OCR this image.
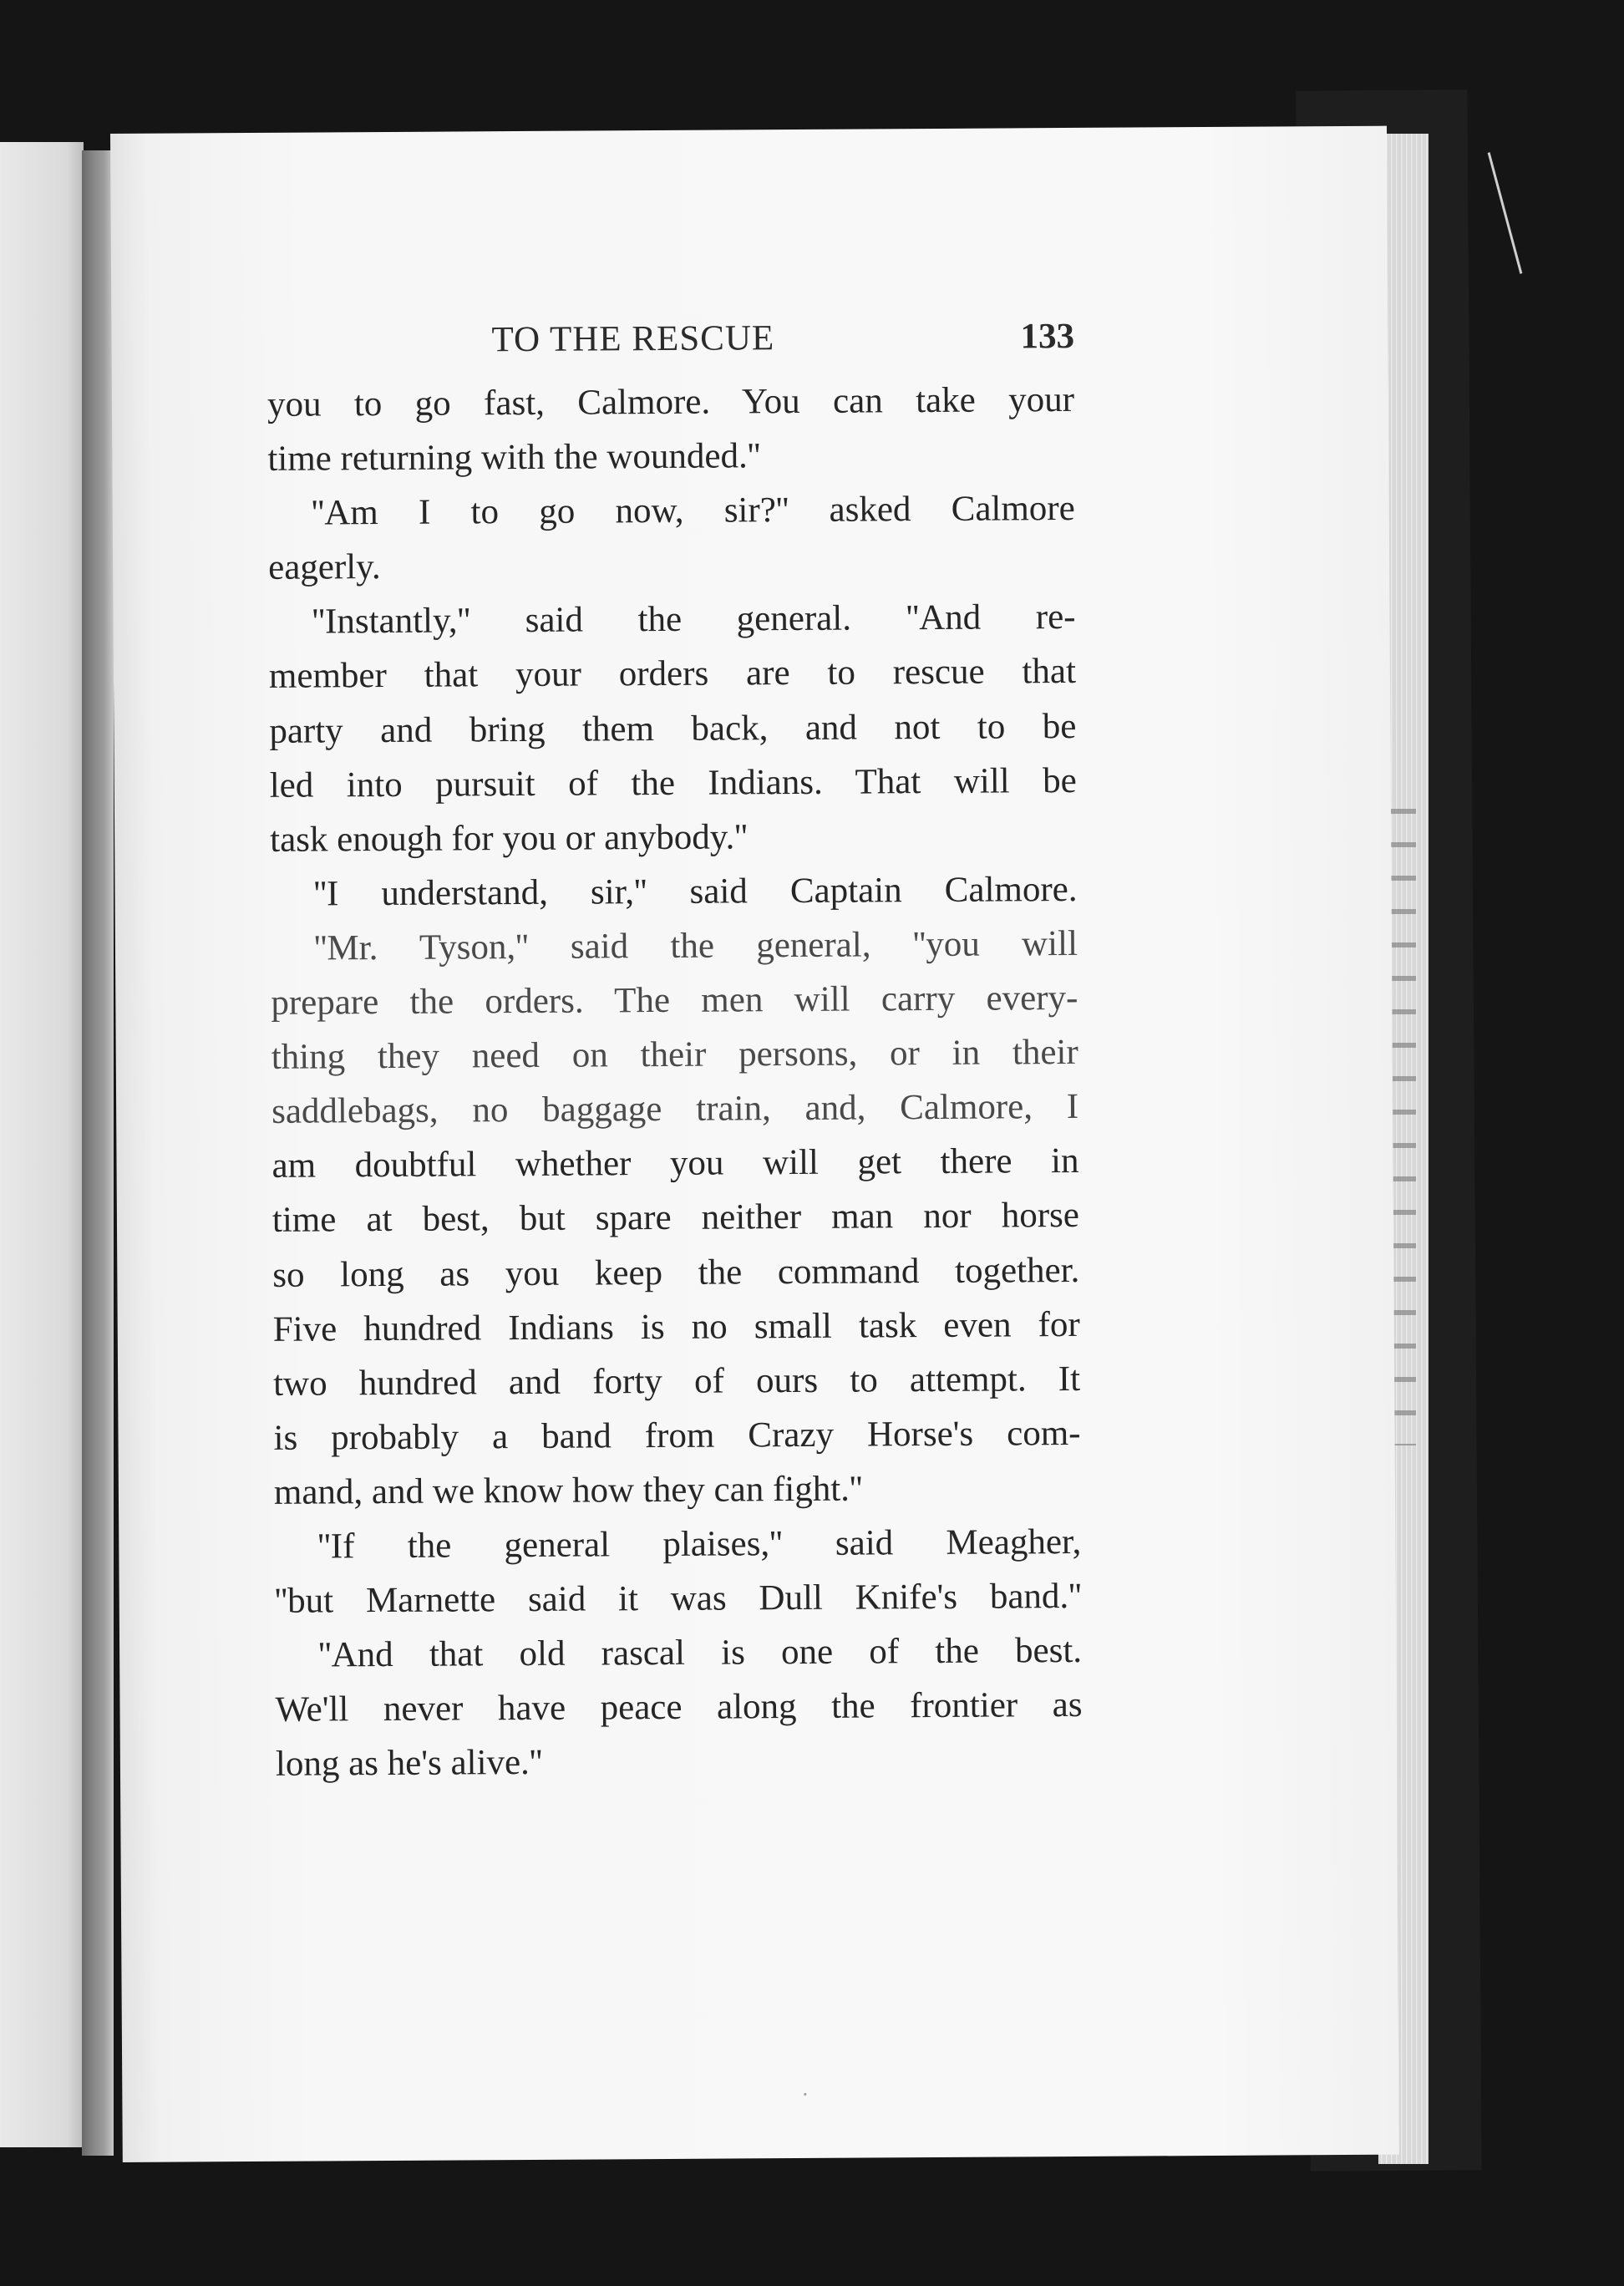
TO THE RESCUE	133
you to go fast, Calmore. You can take your
time returning with the wounded.''
''Am I to go now, sir?'' asked Calmore
eagerly.
''Instantly,'' said the general. ''And re-
member that your orders are to rescue that
party and bring them back, and not to be
led into pursuit of the Indians. That will be
task enough for you or anybody.''
''I understand, sir,'' said Captain Calmore.
''Mr. Tyson,'' said the general, ''you will
prepare the orders. The men will carry every-
thing they need on their persons, or in their
saddlebags, no baggage train, and, Calmore, I
am doubtful whether you will get there in
time at best, but spare neither man nor horse
so long as you keep the command together.
Five hundred Indians is no small task even for
two hundred and forty of ours to attempt. It
is probably a band from Crazy Horse's com-
mand, and we know how they can fight.''
''If the general plaises,'' said Meagher,
''but Marnette said it was Dull Knife's band.''
''And that old rascal is one of the best.
We'll never have peace along the frontier as
long as he's alive.''
